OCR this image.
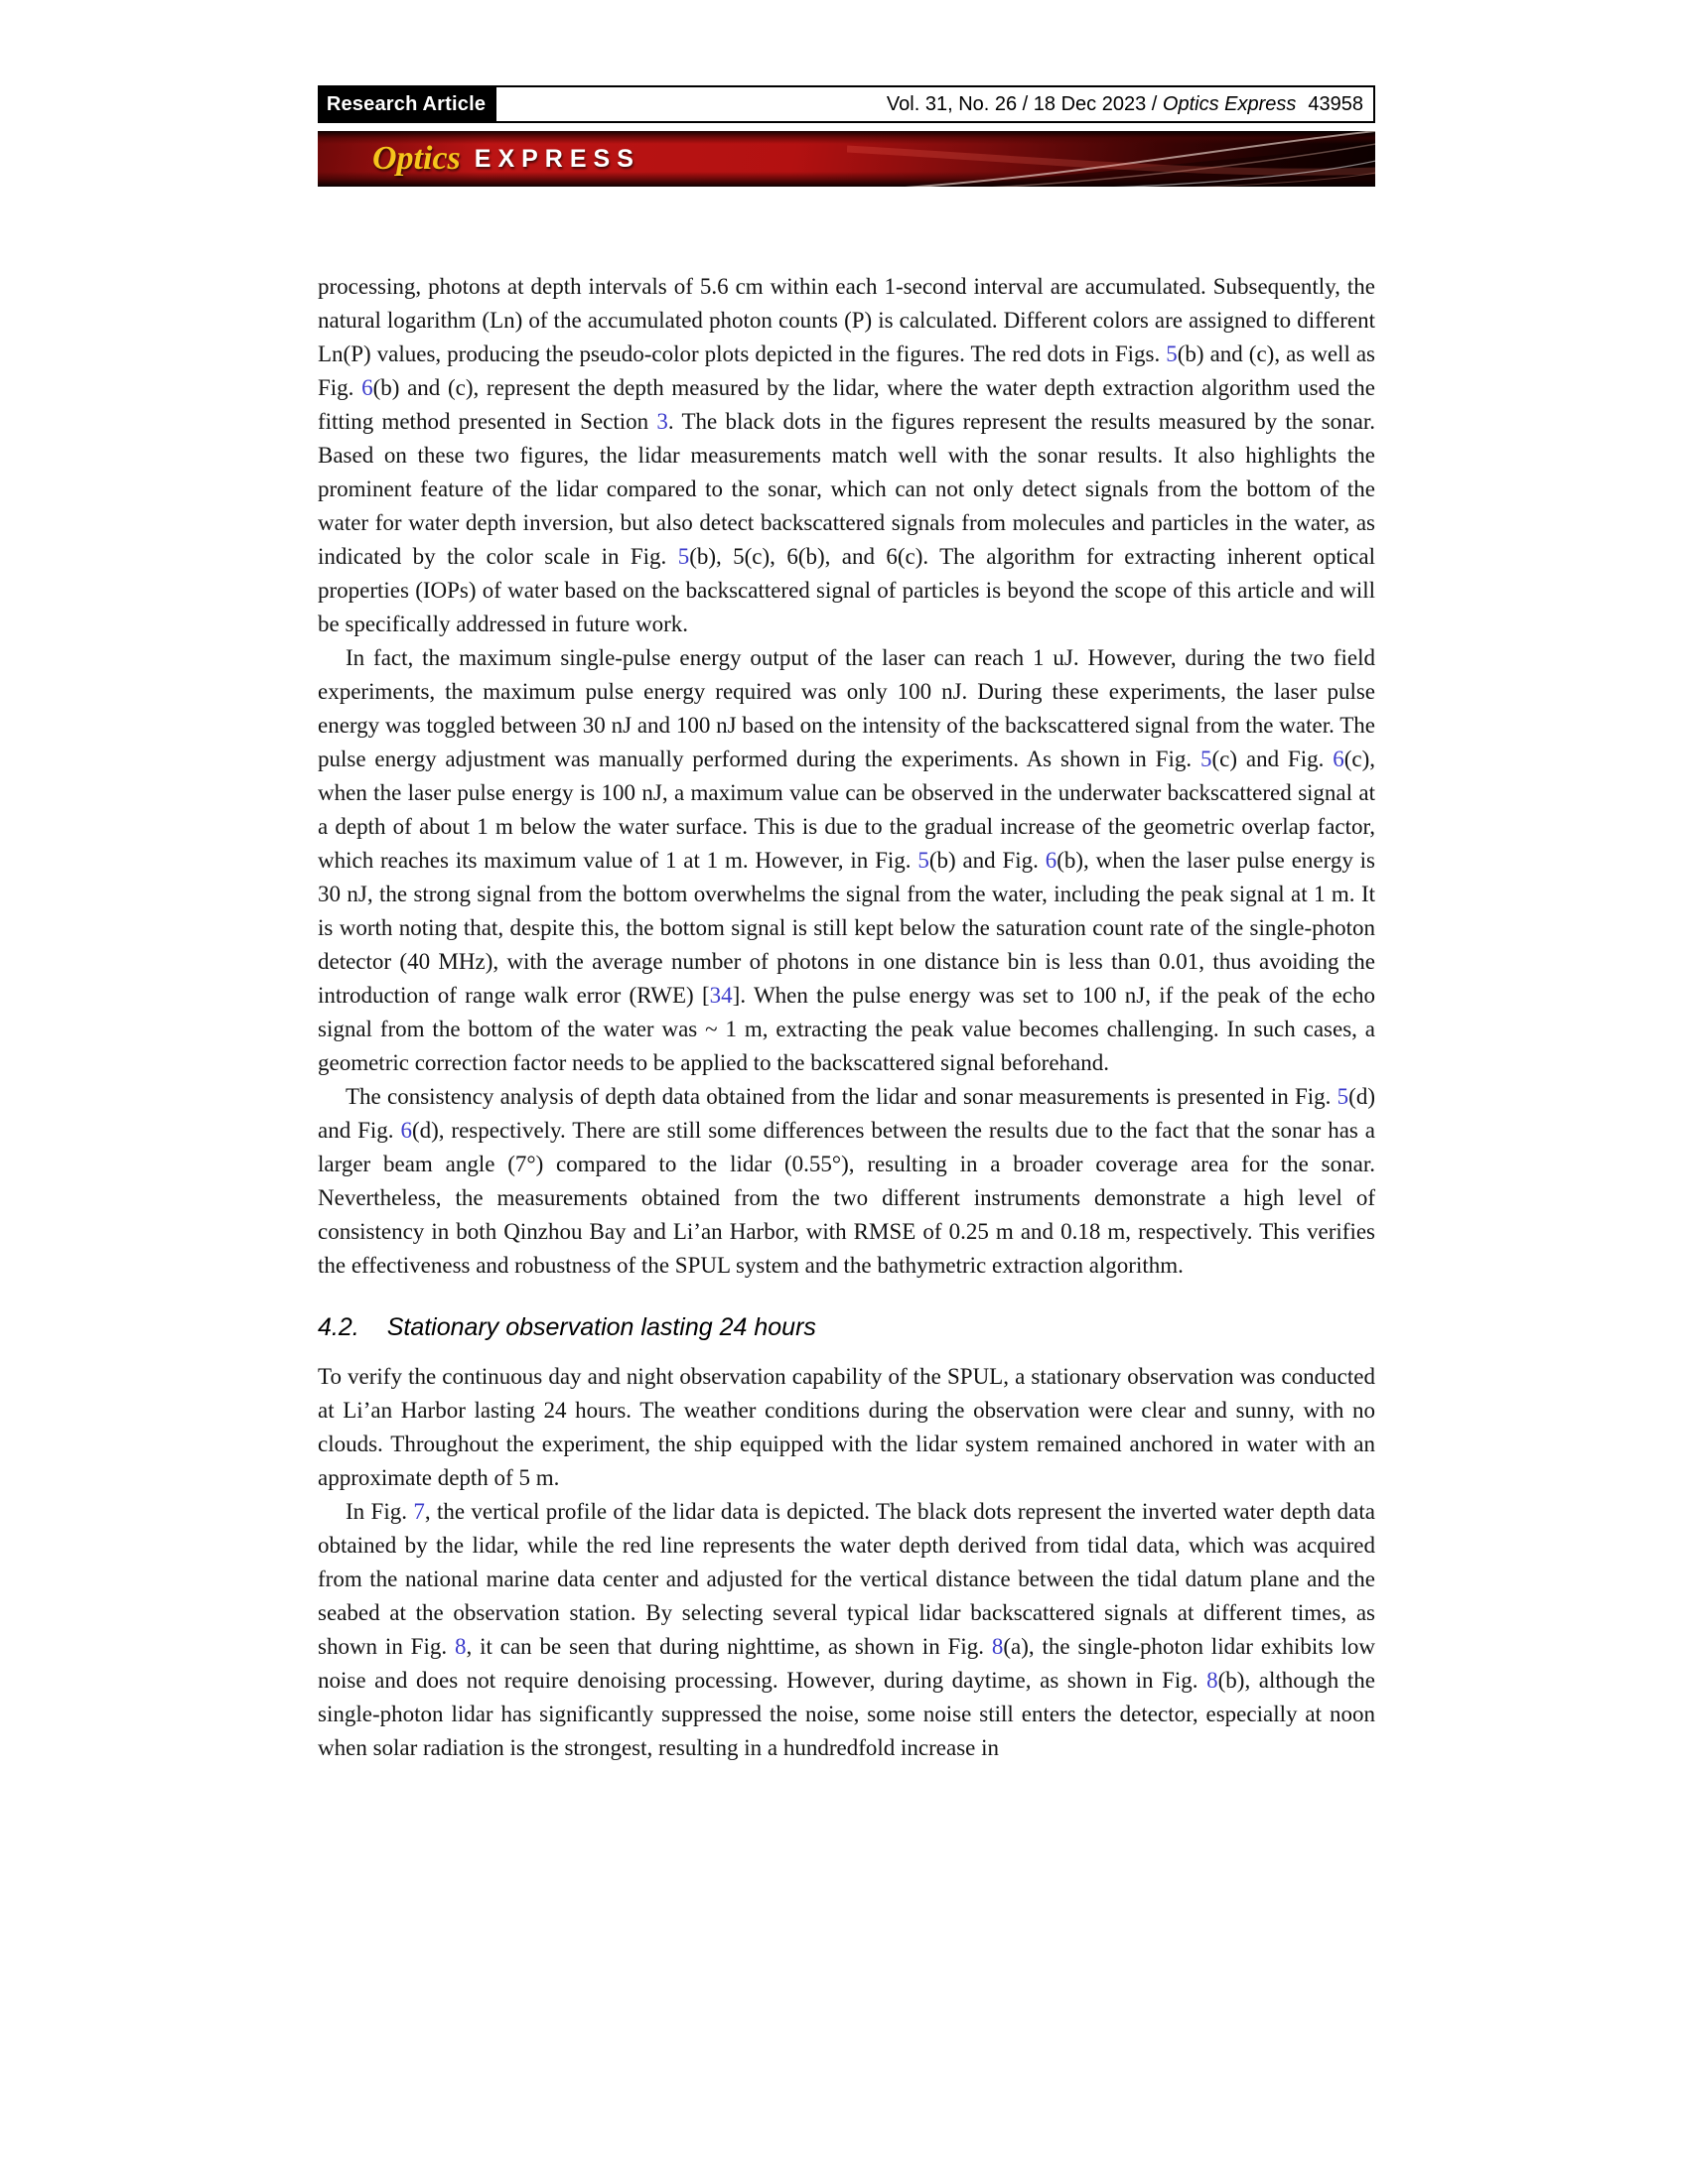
Research Article	Vol. 31, No. 26 / 18 Dec 2023 / Optics Express 43958
Optics EXPRESS

processing, photons at depth intervals of 5.6 cm within each 1-second interval are accumulated. Subsequently, the natural logarithm (Ln) of the accumulated photon counts (P) is calculated. Different colors are assigned to different Ln(P) values, producing the pseudo-color plots depicted in the figures. The red dots in Figs. 5(b) and (c), as well as Fig. 6(b) and (c), represent the depth measured by the lidar, where the water depth extraction algorithm used the fitting method presented in Section 3. The black dots in the figures represent the results measured by the sonar. Based on these two figures, the lidar measurements match well with the sonar results. It also highlights the prominent feature of the lidar compared to the sonar, which can not only detect signals from the bottom of the water for water depth inversion, but also detect backscattered signals from molecules and particles in the water, as indicated by the color scale in Fig. 5(b), 5(c), 6(b), and 6(c). The algorithm for extracting inherent optical properties (IOPs) of water based on the backscattered signal of particles is beyond the scope of this article and will be specifically addressed in future work.

In fact, the maximum single-pulse energy output of the laser can reach 1 uJ. However, during the two field experiments, the maximum pulse energy required was only 100 nJ. During these experiments, the laser pulse energy was toggled between 30 nJ and 100 nJ based on the intensity of the backscattered signal from the water. The pulse energy adjustment was manually performed during the experiments. As shown in Fig. 5(c) and Fig. 6(c), when the laser pulse energy is 100 nJ, a maximum value can be observed in the underwater backscattered signal at a depth of about 1 m below the water surface. This is due to the gradual increase of the geometric overlap factor, which reaches its maximum value of 1 at 1 m. However, in Fig. 5(b) and Fig. 6(b), when the laser pulse energy is 30 nJ, the strong signal from the bottom overwhelms the signal from the water, including the peak signal at 1 m. It is worth noting that, despite this, the bottom signal is still kept below the saturation count rate of the single-photon detector (40 MHz), with the average number of photons in one distance bin is less than 0.01, thus avoiding the introduction of range walk error (RWE) [34]. When the pulse energy was set to 100 nJ, if the peak of the echo signal from the bottom of the water was ~ 1 m, extracting the peak value becomes challenging. In such cases, a geometric correction factor needs to be applied to the backscattered signal beforehand.

The consistency analysis of depth data obtained from the lidar and sonar measurements is presented in Fig. 5(d) and Fig. 6(d), respectively. There are still some differences between the results due to the fact that the sonar has a larger beam angle (7°) compared to the lidar (0.55°), resulting in a broader coverage area for the sonar. Nevertheless, the measurements obtained from the two different instruments demonstrate a high level of consistency in both Qinzhou Bay and Li’an Harbor, with RMSE of 0.25 m and 0.18 m, respectively. This verifies the effectiveness and robustness of the SPUL system and the bathymetric extraction algorithm.

4.2. Stationary observation lasting 24 hours

To verify the continuous day and night observation capability of the SPUL, a stationary observation was conducted at Li’an Harbor lasting 24 hours. The weather conditions during the observation were clear and sunny, with no clouds. Throughout the experiment, the ship equipped with the lidar system remained anchored in water with an approximate depth of 5 m.

In Fig. 7, the vertical profile of the lidar data is depicted. The black dots represent the inverted water depth data obtained by the lidar, while the red line represents the water depth derived from tidal data, which was acquired from the national marine data center and adjusted for the vertical distance between the tidal datum plane and the seabed at the observation station. By selecting several typical lidar backscattered signals at different times, as shown in Fig. 8, it can be seen that during nighttime, as shown in Fig. 8(a), the single-photon lidar exhibits low noise and does not require denoising processing. However, during daytime, as shown in Fig. 8(b), although the single-photon lidar has significantly suppressed the noise, some noise still enters the detector, especially at noon when solar radiation is the strongest, resulting in a hundredfold increase in
